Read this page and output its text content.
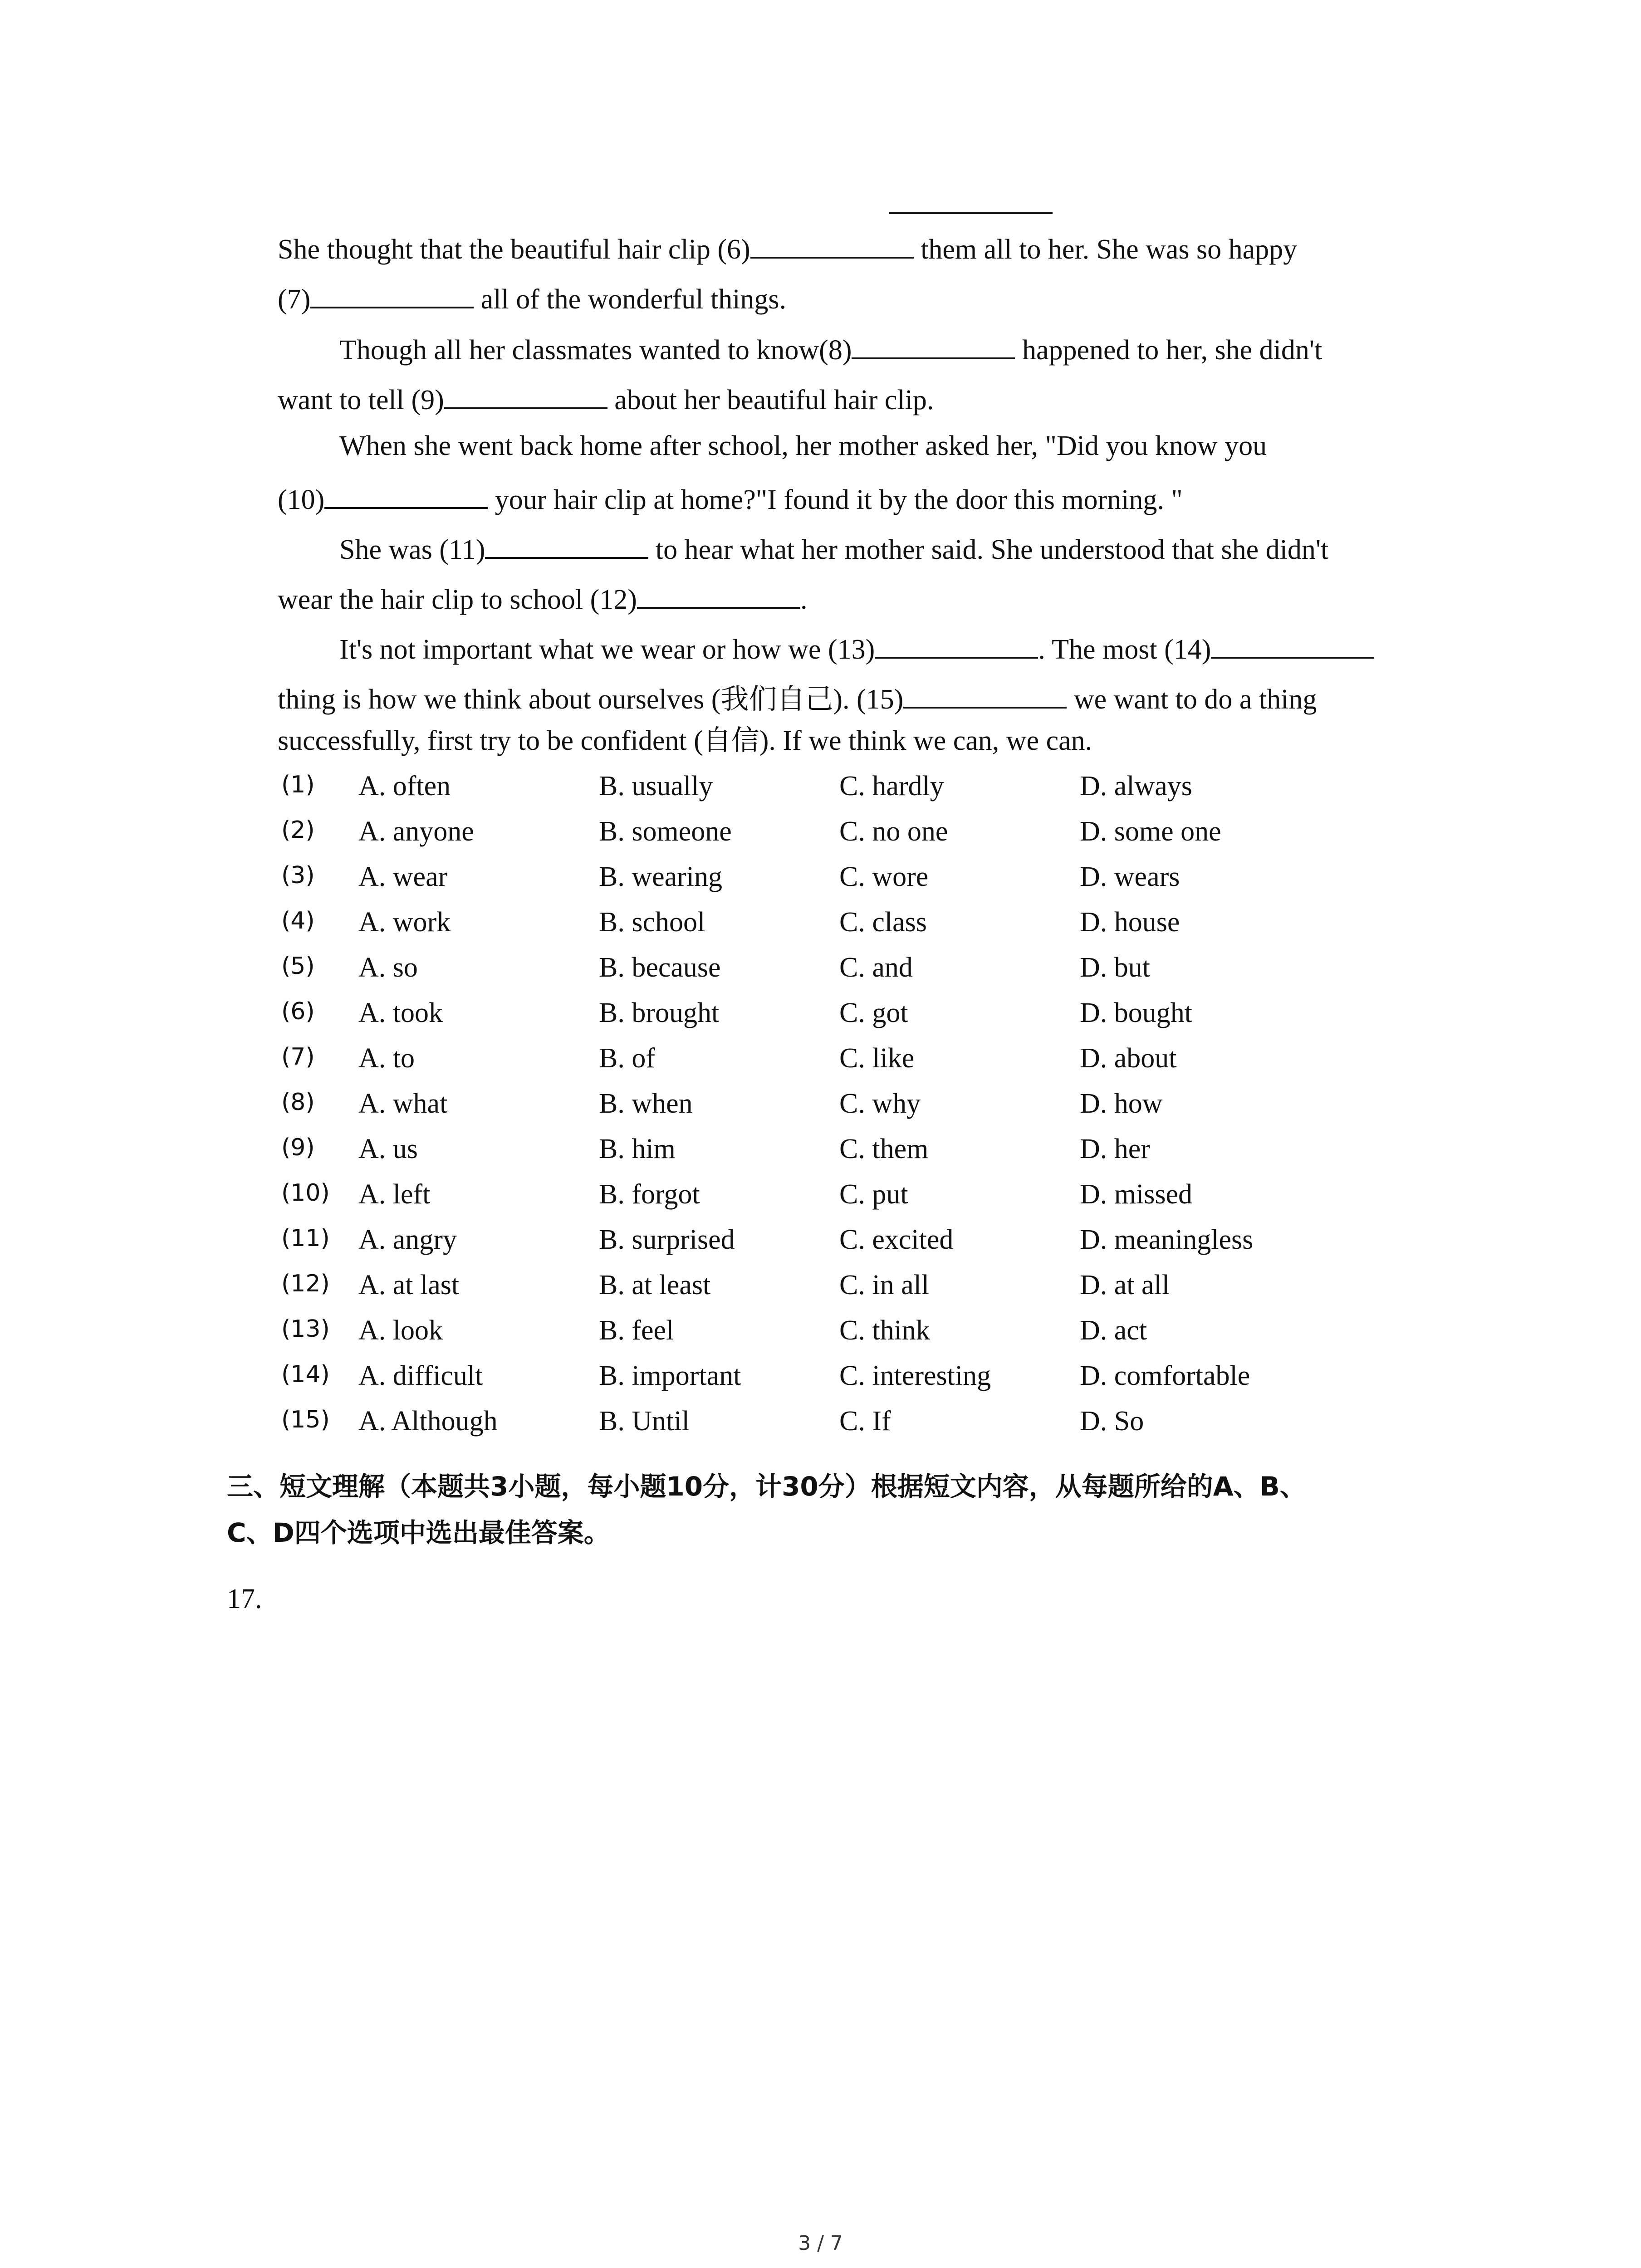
She thought that the beautiful hair clip (6)	them all to her. She was so happy
(7)	all of the wonderful things.
Though all her classmates wanted to know(8)	happened to her, she didn't
want to tell (9)	about her beautiful hair clip.
When she went back home after school, her mother asked her, "Did you know you
(10)	your hair clip at home?"I found it by the door this morning. "
She was (11)	to hear what her mother said. She understood that she didn't
wear the hair clip to school (12)	.
It's not important what we wear or how we (13)	. The most (14)
thing is how we think about ourselves (我们自己). (15)	we want to do a thing
successfully, first try to be confident (自信). If we think we can, we can.
(1) A. often	B. usually	C. hardly	D. always
(2) A. anyone	B. someone	C. no one	D. some one
(3) A. wear	B. wearing	C. wore	D. wears
(4) A. work	B. school	C. class	D. house
(5) A. so	B. because	C. and	D. but
(6) A. took	B. brought	C. got	D. bought
(7) A. to	B. of	C. like	D. about
(8) A. what	B. when	C. why	D. how
(9) A. us	B. him	C. them	D. her
(10) A. left	B. forgot	C. put	D. missed
(11) A. angry	B. surprised	C. excited	D. meaningless
(12) A. at last	B. at least	C. in all	D. at all
(13) A. look	B. feel	C. think	D. act
(14) A. difficult	B. important	C. interesting	D. comfortable
(15) A. Although	B. Until	C. If	D. So
三、短文理解（本题共3小题，每小题10分，计30分）根据短文内容，从每题所给的A、B、
C、D四个选项中选出最佳答案。
17.
3 / 7
